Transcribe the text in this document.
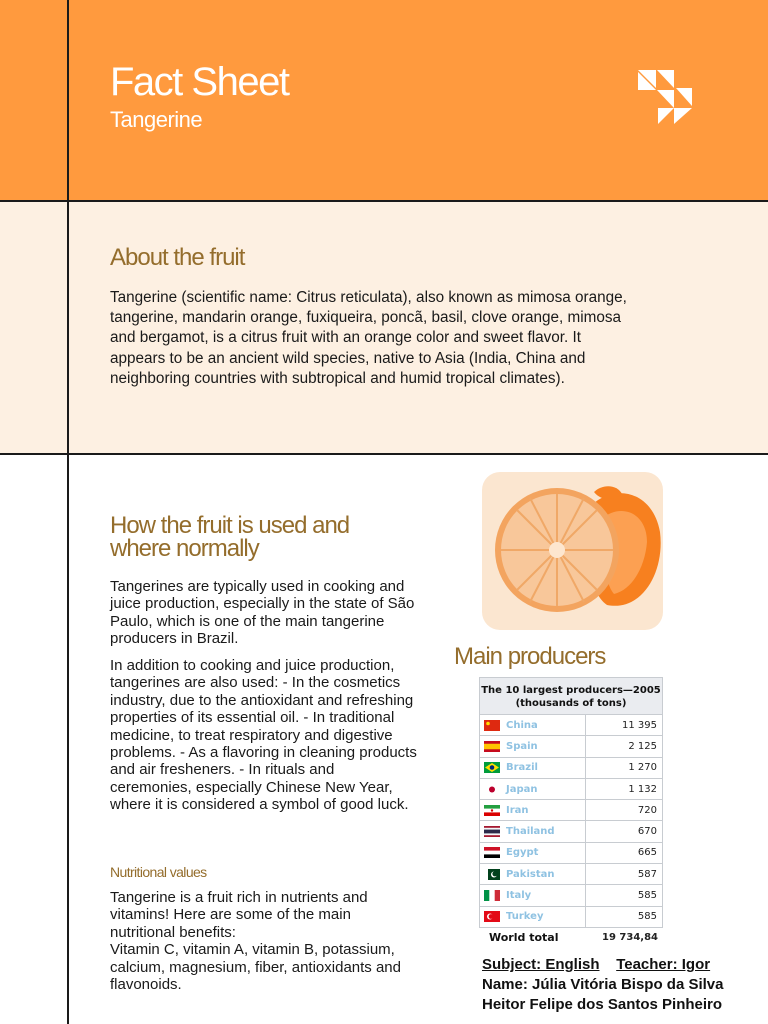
Fact Sheet
Tangerine
About the fruit

Tangerine (scientific name: Citrus reticulata), also known as mimosa orange, tangerine, mandarin orange, fuxiqueira, poncã, basil, clove orange, mimosa and bergamot, is a citrus fruit with an orange color and sweet flavor. It appears to be an ancient wild species, native to Asia (India, China and neighboring countries with subtropical and humid tropical climates).

How the fruit is used and where normally

Tangerines are typically used in cooking and juice production, especially in the state of São Paulo, which is one of the main tangerine producers in Brazil.

In addition to cooking and juice production, tangerines are also used: - In the cosmetics industry, due to the antioxidant and refreshing properties of its essential oil. - In traditional medicine, to treat respiratory and digestive problems. - As a flavoring in cleaning products and air fresheners. - In rituals and ceremonies, especially Chinese New Year, where it is considered a symbol of good luck.

Nutritional values

Tangerine is a fruit rich in nutrients and vitamins! Here are some of the main nutritional benefits:
Vitamin C, vitamin A, vitamin B, potassium, calcium, magnesium, fiber, antioxidants and flavonoids.

Main producers
The 10 largest producers—2005
(thousands of tons)
China	11 395
Spain	2 125
Brazil	1 270
Japan	1 132
Iran	720
Thailand	670
Egypt	665
Pakistan	587
Italy	585
Turkey	585
World total	19 734,84
Subject: English Teacher: Igor
Name: Júlia Vitória Bispo da Silva
Heitor Felipe dos Santos Pinheiro
